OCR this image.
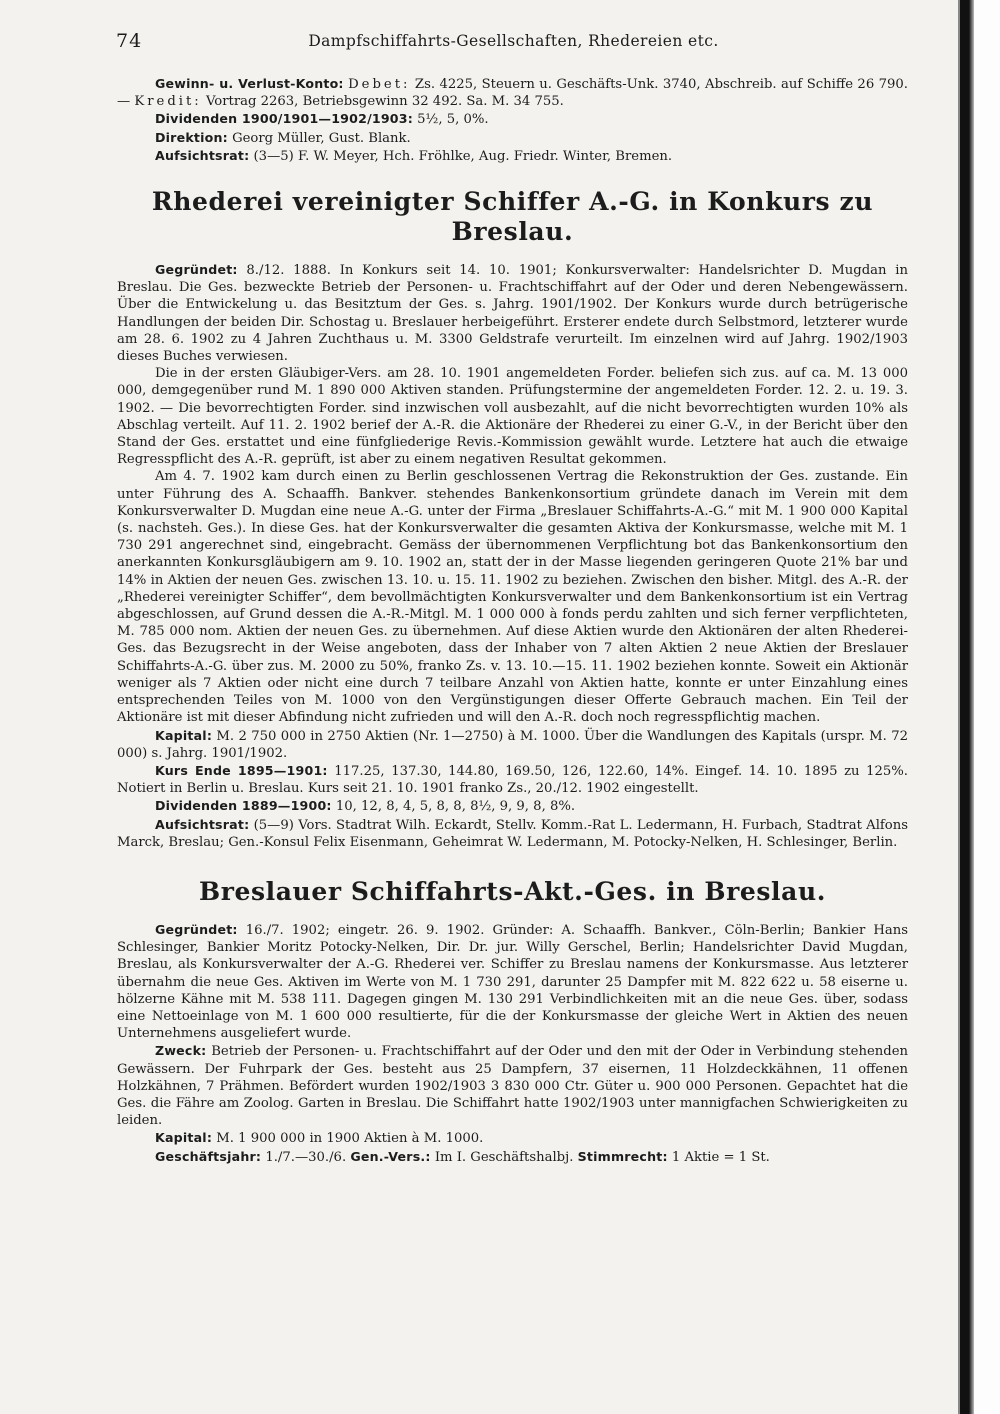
74	Dampfschiffahrts-Gesellschaften, Rhedereien etc.

Gewinn- u. Verlust-Konto: Debet: Zs. 4225, Steuern u. Geschäfts-Unk. 3740, Abschreib. auf Schiffe 26 790. — Kredit: Vortrag 2263, Betriebsgewinn 32 492. Sa. M. 34 755.

Dividenden 1900/1901—1902/1903: 5½, 5, 0%.

Direktion: Georg Müller, Gust. Blank.

Aufsichtsrat: (3—5) F. W. Meyer, Hch. Fröhlke, Aug. Friedr. Winter, Bremen.

Rhederei vereinigter Schiffer A.-G. in Konkurs zu Breslau.

Gegründet: 8./12. 1888. In Konkurs seit 14. 10. 1901; Konkursverwalter: Handelsrichter D. Mugdan in Breslau. Die Ges. bezweckte Betrieb der Personen- u. Frachtschiffahrt auf der Oder und deren Nebengewässern. Über die Entwickelung u. das Besitztum der Ges. s. Jahrg. 1901/1902. Der Konkurs wurde durch betrügerische Handlungen der beiden Dir. Schostag u. Breslauer herbeigeführt. Ersterer endete durch Selbstmord, letzterer wurde am 28. 6. 1902 zu 4 Jahren Zuchthaus u. M. 3300 Geldstrafe verurteilt. Im einzelnen wird auf Jahrg. 1902/1903 dieses Buches verwiesen.

Die in der ersten Gläubiger-Vers. am 28. 10. 1901 angemeldeten Forder. beliefen sich zus. auf ca. M. 13 000 000, demgegenüber rund M. 1 890 000 Aktiven standen. Prüfungstermine der angemeldeten Forder. 12. 2. u. 19. 3. 1902. — Die bevorrechtigten Forder. sind inzwischen voll ausbezahlt, auf die nicht bevorrechtigten wurden 10% als Abschlag verteilt. Auf 11. 2. 1902 berief der A.-R. die Aktionäre der Rhederei zu einer G.-V., in der Bericht über den Stand der Ges. erstattet und eine fünfgliederige Revis.-Kommission gewählt wurde. Letztere hat auch die etwaige Regresspflicht des A.-R. geprüft, ist aber zu einem negativen Resultat gekommen.

Am 4. 7. 1902 kam durch einen zu Berlin geschlossenen Vertrag die Rekonstruktion der Ges. zustande. Ein unter Führung des A. Schaaffh. Bankver. stehendes Bankenkonsortium gründete danach im Verein mit dem Konkursverwalter D. Mugdan eine neue A.-G. unter der Firma „Breslauer Schiffahrts-A.-G.“ mit M. 1 900 000 Kapital (s. nachsteh. Ges.). In diese Ges. hat der Konkursverwalter die gesamten Aktiva der Konkursmasse, welche mit M. 1 730 291 angerechnet sind, eingebracht. Gemäss der übernommenen Verpflichtung bot das Bankenkonsortium den anerkannten Konkursgläubigern am 9. 10. 1902 an, statt der in der Masse liegenden geringeren Quote 21% bar und 14% in Aktien der neuen Ges. zwischen 13. 10. u. 15. 11. 1902 zu beziehen. Zwischen den bisher. Mitgl. des A.-R. der „Rhederei vereinigter Schiffer“, dem bevollmächtigten Konkursverwalter und dem Bankenkonsortium ist ein Vertrag abgeschlossen, auf Grund dessen die A.-R.-Mitgl. M. 1 000 000 à fonds perdu zahlten und sich ferner verpflichteten, M. 785 000 nom. Aktien der neuen Ges. zu übernehmen. Auf diese Aktien wurde den Aktionären der alten Rhederei-Ges. das Bezugsrecht in der Weise angeboten, dass der Inhaber von 7 alten Aktien 2 neue Aktien der Breslauer Schiffahrts-A.-G. über zus. M. 2000 zu 50%, franko Zs. v. 13. 10.—15. 11. 1902 beziehen konnte. Soweit ein Aktionär weniger als 7 Aktien oder nicht eine durch 7 teilbare Anzahl von Aktien hatte, konnte er unter Einzahlung eines entsprechenden Teiles von M. 1000 von den Vergünstigungen dieser Offerte Gebrauch machen. Ein Teil der Aktionäre ist mit dieser Abfindung nicht zufrieden und will den A.-R. doch noch regresspflichtig machen.

Kapital: M. 2 750 000 in 2750 Aktien (Nr. 1—2750) à M. 1000. Über die Wandlungen des Kapitals (urspr. M. 72 000) s. Jahrg. 1901/1902.

Kurs Ende 1895—1901: 117.25, 137.30, 144.80, 169.50, 126, 122.60, 14%. Eingef. 14. 10. 1895 zu 125%. Notiert in Berlin u. Breslau. Kurs seit 21. 10. 1901 franko Zs., 20./12. 1902 eingestellt.

Dividenden 1889—1900: 10, 12, 8, 4, 5, 8, 8, 8½, 9, 9, 8, 8%.

Aufsichtsrat: (5—9) Vors. Stadtrat Wilh. Eckardt, Stellv. Komm.-Rat L. Ledermann, H. Furbach, Stadtrat Alfons Marck, Breslau; Gen.-Konsul Felix Eisenmann, Geheimrat W. Ledermann, M. Potocky-Nelken, H. Schlesinger, Berlin.

Breslauer Schiffahrts-Akt.-Ges. in Breslau.

Gegründet: 16./7. 1902; eingetr. 26. 9. 1902. Gründer: A. Schaaffh. Bankver., Cöln-Berlin; Bankier Hans Schlesinger, Bankier Moritz Potocky-Nelken, Dir. Dr. jur. Willy Gerschel, Berlin; Handelsrichter David Mugdan, Breslau, als Konkursverwalter der A.-G. Rhederei ver. Schiffer zu Breslau namens der Konkursmasse. Aus letzterer übernahm die neue Ges. Aktiven im Werte von M. 1 730 291, darunter 25 Dampfer mit M. 822 622 u. 58 eiserne u. hölzerne Kähne mit M. 538 111. Dagegen gingen M. 130 291 Verbindlichkeiten mit an die neue Ges. über, sodass eine Nettoeinlage von M. 1 600 000 resultierte, für die der Konkursmasse der gleiche Wert in Aktien des neuen Unternehmens ausgeliefert wurde.

Zweck: Betrieb der Personen- u. Frachtschiffahrt auf der Oder und den mit der Oder in Verbindung stehenden Gewässern. Der Fuhrpark der Ges. besteht aus 25 Dampfern, 37 eisernen, 11 Holzdeckkähnen, 11 offenen Holzkähnen, 7 Prähmen. Befördert wurden 1902/1903 3 830 000 Ctr. Güter u. 900 000 Personen. Gepachtet hat die Ges. die Fähre am Zoolog. Garten in Breslau. Die Schiffahrt hatte 1902/1903 unter mannigfachen Schwierigkeiten zu leiden.

Kapital: M. 1 900 000 in 1900 Aktien à M. 1000.

Geschäftsjahr: 1./7.—30./6. Gen.-Vers.: Im I. Geschäftshalbj. Stimmrecht: 1 Aktie = 1 St.
